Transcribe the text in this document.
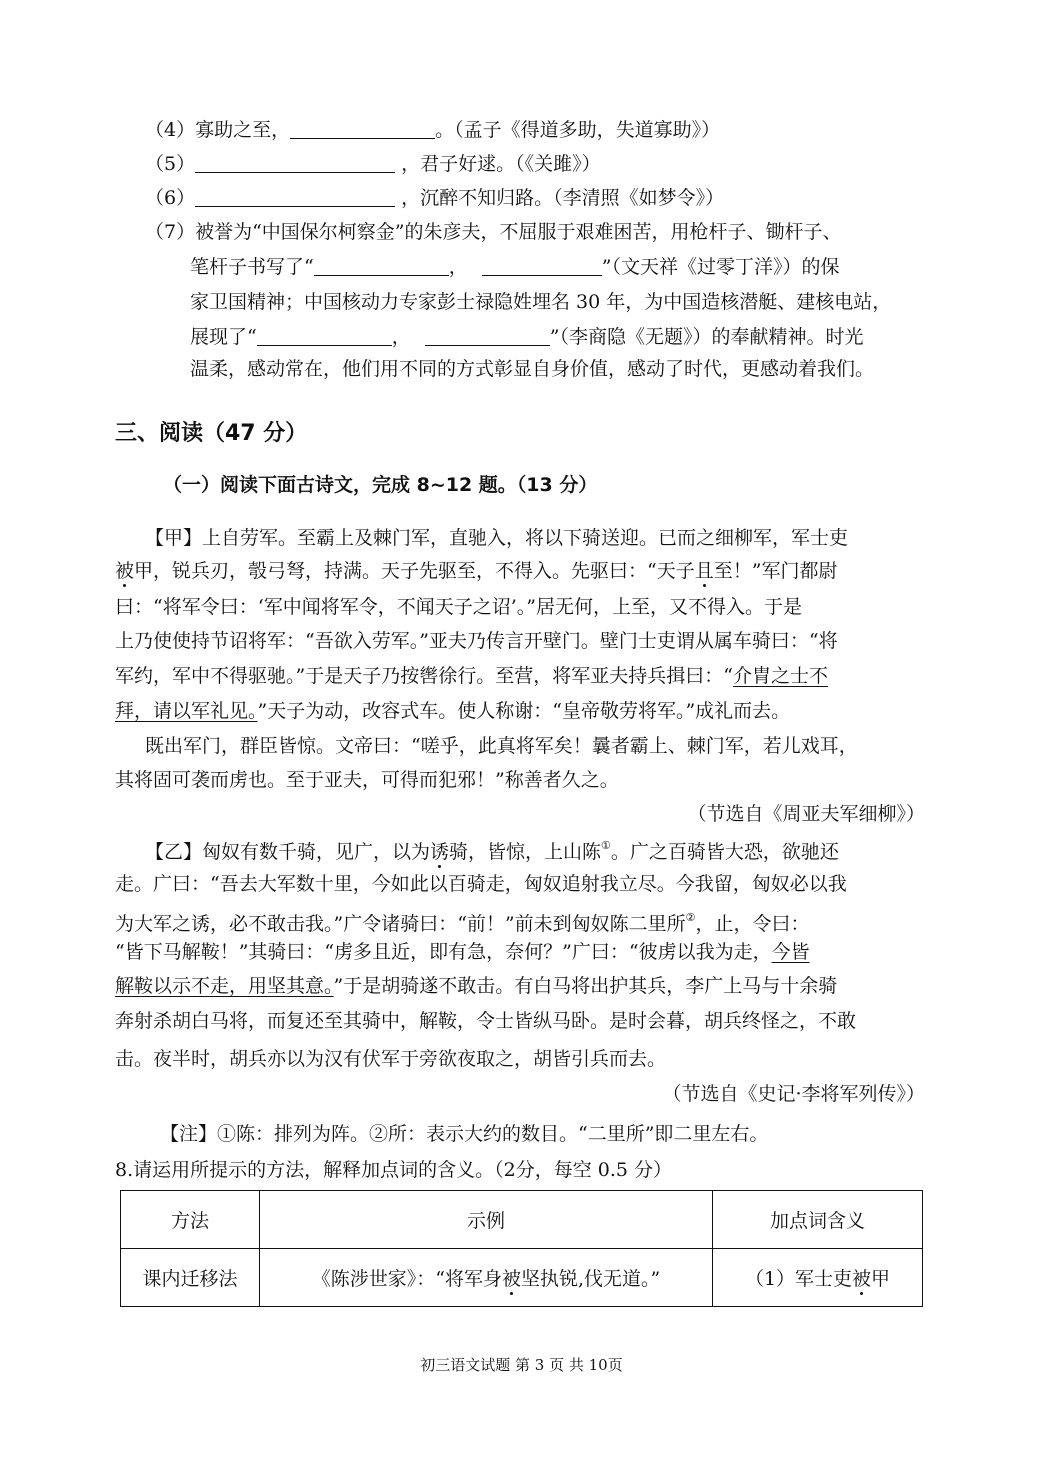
（4）寡助之至，	。（孟子《得道多助，失道寡助》）
（5）	，君子好逑。（《关雎》）
（6）	，沉醉不知归路。（李清照《如梦令》）
（7）被誉为“中国保尔柯察金”的朱彦夫，不屈服于艰难困苦，用枪杆子、锄杆子、
笔杆子书写了“	，	”（文天祥《过零丁洋》）的保
家卫国精神；中国核动力专家彭士禄隐姓埋名 30 年，为中国造核潜艇、建核电站，
展现了“	，	”（李商隐《无题》）的奉献精神。时光
温柔，感动常在，他们用不同的方式彰显自身价值，感动了时代，更感动着我们。
三、阅读（47 分）
（一）阅读下面古诗文，完成 8~12 题。（13 分）
【甲】上自劳军。至霸上及棘门军，直驰入，将以下骑送迎。已而之细柳军，军士吏
被甲，锐兵刃，彀弓弩，持满。天子先驱至，不得入。先驱曰：“天子且至！”军门都尉
曰：“将军令曰：‘军中闻将军令，不闻天子之诏’。”居无何，上至，又不得入。于是
上乃使使持节诏将军：“吾欲入劳军。”亚夫乃传言开壁门。壁门士吏谓从属车骑曰：“将
军约，军中不得驱驰。”于是天子乃按辔徐行。至营，将军亚夫持兵揖曰：“介胄之士不
拜，请以军礼见。”天子为动，改容式车。使人称谢：“皇帝敬劳将军。”成礼而去。
既出军门，群臣皆惊。文帝曰：“嗟乎，此真将军矣！曩者霸上、棘门军，若儿戏耳，
其将固可袭而虏也。至于亚夫，可得而犯邪！”称善者久之。
（节选自《周亚夫军细柳》）
【乙】匈奴有数千骑，见广，以为诱骑，皆惊，上山陈①。广之百骑皆大恐，欲驰还
走。广曰：“吾去大军数十里，今如此以百骑走，匈奴追射我立尽。今我留，匈奴必以我
为大军之诱，必不敢击我。”广令诸骑曰：“前！”前未到匈奴陈二里所②，止，令曰：
“皆下马解鞍！”其骑曰：“虏多且近，即有急，奈何？”广曰：“彼虏以我为走，今皆
解鞍以示不走，用坚其意。”于是胡骑遂不敢击。有白马将出护其兵，李广上马与十余骑
奔射杀胡白马将，而复还至其骑中，解鞍，令士皆纵马卧。是时会暮，胡兵终怪之，不敢
击。夜半时，胡兵亦以为汉有伏军于旁欲夜取之，胡皆引兵而去。
（节选自《史记·李将军列传》）
【注】①陈：排列为阵。②所：表示大约的数目。“二里所”即二里左右。
8.请运用所提示的方法，解释加点词的含义。（2分，每空 0.5 分）
方法	示例	加点词含义
课内迁移法	《陈涉世家》：“将军身被坚执锐,伐无道。”	（1）军士吏被甲
初三语文试题 第 3 页 共 10页
